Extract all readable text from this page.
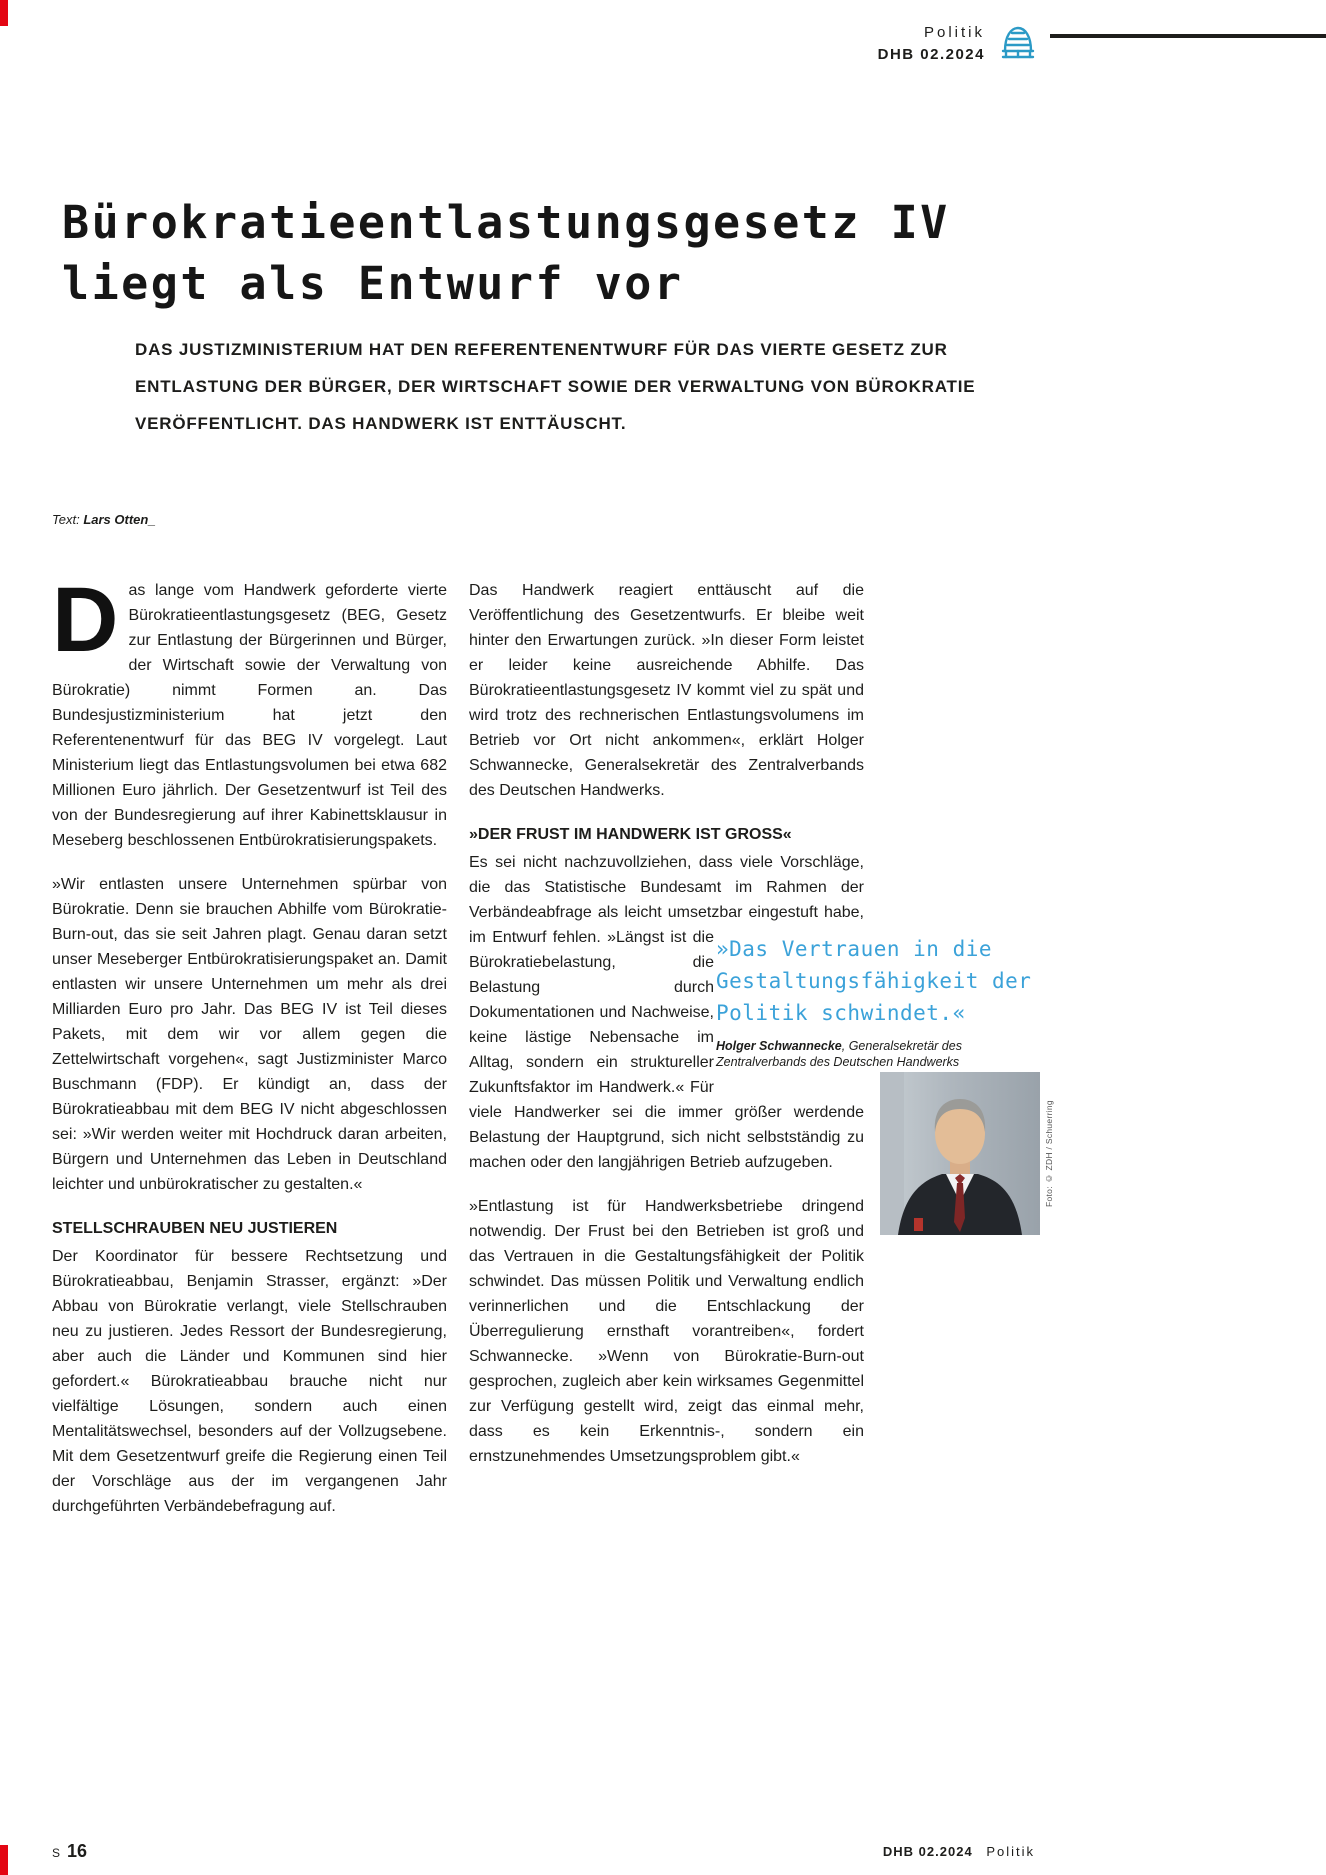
Politik
DHB 02.2024
Bürokratieentlastungsgesetz IV
liegt als Entwurf vor
DAS JUSTIZMINISTERIUM HAT DEN REFERENTENENTWURF FÜR DAS VIERTE GESETZ ZUR
ENTLASTUNG DER BÜRGER, DER WIRTSCHAFT SOWIE DER VERWALTUNG VON BÜROKRATIE
VERÖFFENTLICHT. DAS HANDWERK IST ENTTÄUSCHT.
Text: Lars Otten_

Das lange vom Handwerk geforderte vierte Bürokratieentlastungsgesetz (BEG, Gesetz zur Entlastung der Bürgerinnen und Bürger, der Wirtschaft sowie der Verwaltung von Bürokratie) nimmt Formen an. Das Bundesjustizministerium hat jetzt den Referentenentwurf für das BEG IV vorgelegt. Laut Ministerium liegt das Entlastungsvolumen bei etwa 682 Millionen Euro jährlich. Der Gesetzentwurf ist Teil des von der Bundesregierung auf ihrer Kabinettsklausur in Meseberg beschlossenen Entbürokratisierungspakets.

»Wir entlasten unsere Unternehmen spürbar von Bürokratie. Denn sie brauchen Abhilfe vom Bürokratie-Burn-out, das sie seit Jahren plagt. Genau daran setzt unser Meseberger Entbürokratisierungspaket an. Damit entlasten wir unsere Unternehmen um mehr als drei Milliarden Euro pro Jahr. Das BEG IV ist Teil dieses Pakets, mit dem wir vor allem gegen die Zettelwirtschaft vorgehen«, sagt Justizminister Marco Buschmann (FDP). Er kündigt an, dass der Bürokratieabbau mit dem BEG IV nicht abgeschlossen sei: »Wir werden weiter mit Hochdruck daran arbeiten, Bürgern und Unternehmen das Leben in Deutschland leichter und unbürokratischer zu gestalten.«

STELLSCHRAUBEN NEU JUSTIEREN

Der Koordinator für bessere Rechtsetzung und Bürokratieabbau, Benjamin Strasser, ergänzt: »Der Abbau von Bürokratie verlangt, viele Stellschrauben neu zu justieren. Jedes Ressort der Bundesregierung, aber auch die Länder und Kommunen sind hier gefordert.« Bürokratieabbau brauche nicht nur vielfältige Lösungen, sondern auch einen Mentalitätswechsel, besonders auf der Vollzugsebene. Mit dem Gesetzentwurf greife die Regierung einen Teil der Vorschläge aus der im vergangenen Jahr durchgeführten Verbändebefragung auf.

Das Handwerk reagiert enttäuscht auf die Veröffentlichung des Gesetzentwurfs. Er bleibe weit hinter den Erwartungen zurück. »In dieser Form leistet er leider keine ausreichende Abhilfe. Das Bürokratieentlastungsgesetz IV kommt viel zu spät und wird trotz des rechnerischen Entlastungsvolumens im Betrieb vor Ort nicht ankommen«, erklärt Holger Schwannecke, Generalsekretär des Zentralverbands des Deutschen Handwerks.

»DER FRUST IM HANDWERK IST GROSS«

Es sei nicht nachzuvollziehen, dass viele Vorschläge, die das Statistische Bundesamt im Rahmen der Verbändeabfrage als leicht umsetzbar eingestuft habe, im Entwurf fehlen. »Längst ist die »Das Vertrauen in die
Gestaltungsfähigkeit der
Politik schwindet.«
Holger Schwannecke, Generalsekretär des Zentralverbands des Deutschen Handwerks
Bürokratiebelastung, die Belastung durch Dokumentationen und Nachweise, keine lästige Nebensache im Alltag, sondern ein struktureller Zukunftsfaktor im Handwerk.« Für viele Handwerker sei die immer größer werdende Belastung der Hauptgrund, sich nicht selbstständig zu machen oder den langjährigen Betrieb aufzugeben.

»Entlastung ist für Handwerksbetriebe dringend notwendig. Der Frust bei den Betrieben ist groß und das Vertrauen in die Gestaltungsfähigkeit der Politik schwindet. Das müssen Politik und Verwaltung endlich verinnerlichen und die Entschlackung der Überregulierung ernsthaft vorantreiben«, fordert Schwannecke. »Wenn von Bürokratie-Burn-out gesprochen, zugleich aber kein wirksames Gegenmittel zur Verfügung gestellt wird, zeigt das einmal mehr, dass es kein Erkenntnis-, sondern ein ernstzunehmendes Umsetzungsproblem gibt.«

Foto: © ZDH / Schuerring
S 16	DHB 02.2024 Politik
